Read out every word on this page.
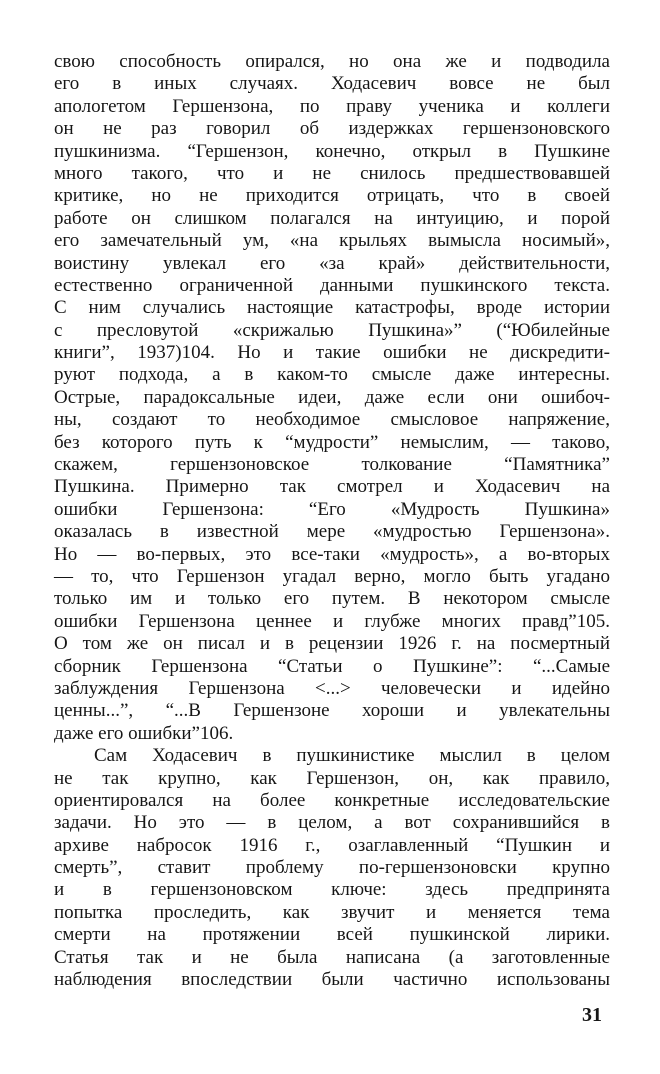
свою способность опирался, но она же и подводила
его в иных случаях. Ходасевич вовсе не был
апологетом Гершензона, по праву ученика и коллеги
он не раз говорил об издержках гершензоновского
пушкинизма. “Гершензон, конечно, открыл в Пушкине
много такого, что и не снилось предшествовавшей
критике, но не приходится отрицать, что в своей
работе он слишком полагался на интуицию, и порой
его замечательный ум, «на крыльях вымысла носимый»,
воистину увлекал его «за край» действительности,
естественно ограниченной данными пушкинского текста.
С ним случались настоящие катастрофы, вроде истории
с пресловутой «скрижалью Пушкина»” (“Юбилейные
книги”, 1937)104. Но и такие ошибки не дискредити-
руют подхода, а в каком-то смысле даже интересны.
Острые, парадоксальные идеи, даже если они ошибоч-
ны, создают то необходимое смысловое напряжение,
без которого путь к “мудрости” немыслим, — таково,
скажем, гершензоновское толкование “Памятника”
Пушкина. Примерно так смотрел и Ходасевич на
ошибки Гершензона: “Его «Мудрость Пушкина»
оказалась в известной мере «мудростью Гершензона».
Но — во-первых, это все-таки «мудрость», а во-вторых
— то, что Гершензон угадал верно, могло быть угадано
только им и только его путем. В некотором смысле
ошибки Гершензона ценнее и глубже многих правд”105.
О том же он писал и в рецензии 1926 г. на посмертный
сборник Гершензона “Статьи о Пушкине”: “...Самые
заблуждения Гершензона <...> человечески и идейно
ценны...”, “...В Гершензоне хороши и увлекательны
даже его ошибки”106.
Сам Ходасевич в пушкинистике мыслил в целом
не так крупно, как Гершензон, он, как правило,
ориентировался на более конкретные исследовательские
задачи. Но это — в целом, а вот сохранившийся в
архиве набросок 1916 г., озаглавленный “Пушкин и
смерть”, ставит проблему по-гершензоновски крупно
и в гершензоновском ключе: здесь предпринята
попытка проследить, как звучит и меняется тема
смерти на протяжении всей пушкинской лирики.
Статья так и не была написана (а заготовленные
наблюдения впоследствии были частично использованы
31
